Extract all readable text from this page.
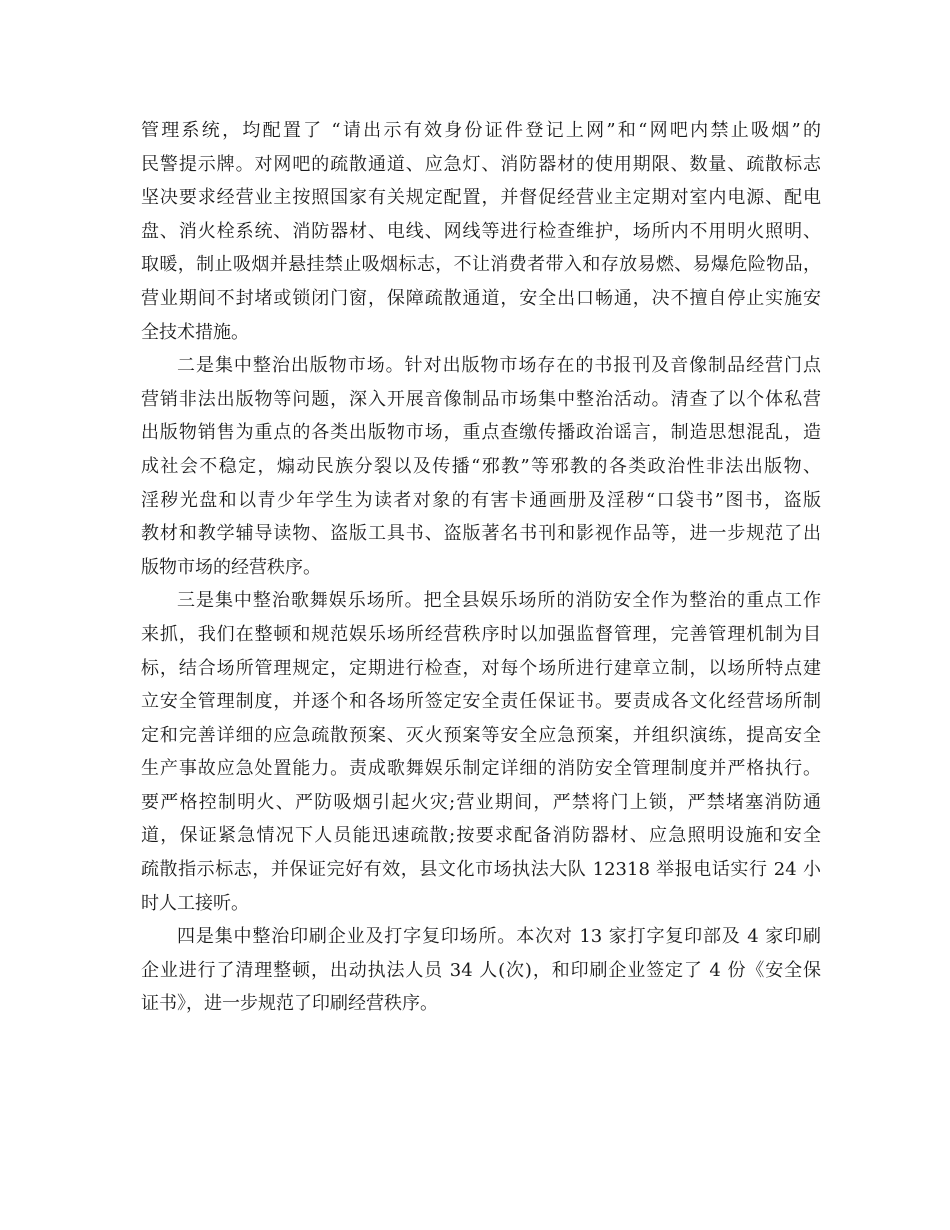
管理系统，均配置了 “请出示有效身份证件登记上网”和“网吧内禁止吸烟”的
民警提示牌。对网吧的疏散通道、应急灯、消防器材的使用期限、数量、疏散标志
坚决要求经营业主按照国家有关规定配置，并督促经营业主定期对室内电源、配电
盘、消火栓系统、消防器材、电线、网线等进行检查维护，场所内不用明火照明、
取暖，制止吸烟并悬挂禁止吸烟标志，不让消费者带入和存放易燃、易爆危险物品，
营业期间不封堵或锁闭门窗，保障疏散通道，安全出口畅通，决不擅自停止实施安
全技术措施。
二是集中整治出版物市场。针对出版物市场存在的书报刊及音像制品经营门点
营销非法出版物等问题，深入开展音像制品市场集中整治活动。清查了以个体私营
出版物销售为重点的各类出版物市场，重点查缴传播政治谣言，制造思想混乱，造
成社会不稳定，煽动民族分裂以及传播“邪教”等邪教的各类政治性非法出版物、
淫秽光盘和以青少年学生为读者对象的有害卡通画册及淫秽“口袋书”图书，盗版
教材和教学辅导读物、盗版工具书、盗版著名书刊和影视作品等，进一步规范了出
版物市场的经营秩序。
三是集中整治歌舞娱乐场所。把全县娱乐场所的消防安全作为整治的重点工作
来抓，我们在整顿和规范娱乐场所经营秩序时以加强监督管理，完善管理机制为目
标，结合场所管理规定，定期进行检查，对每个场所进行建章立制，以场所特点建
立安全管理制度，并逐个和各场所签定安全责任保证书。要责成各文化经营场所制
定和完善详细的应急疏散预案、灭火预案等安全应急预案，并组织演练，提高安全
生产事故应急处置能力。责成歌舞娱乐制定详细的消防安全管理制度并严格执行。
要严格控制明火、严防吸烟引起火灾;营业期间，严禁将门上锁，严禁堵塞消防通
道，保证紧急情况下人员能迅速疏散;按要求配备消防器材、应急照明设施和安全
疏散指示标志，并保证完好有效，县文化市场执法大队 12318 举报电话实行 24 小
时人工接听。
四是集中整治印刷企业及打字复印场所。本次对 13 家打字复印部及 4 家印刷
企业进行了清理整顿，出动执法人员 34 人(次)，和印刷企业签定了 4 份《安全保
证书》，进一步规范了印刷经营秩序。
